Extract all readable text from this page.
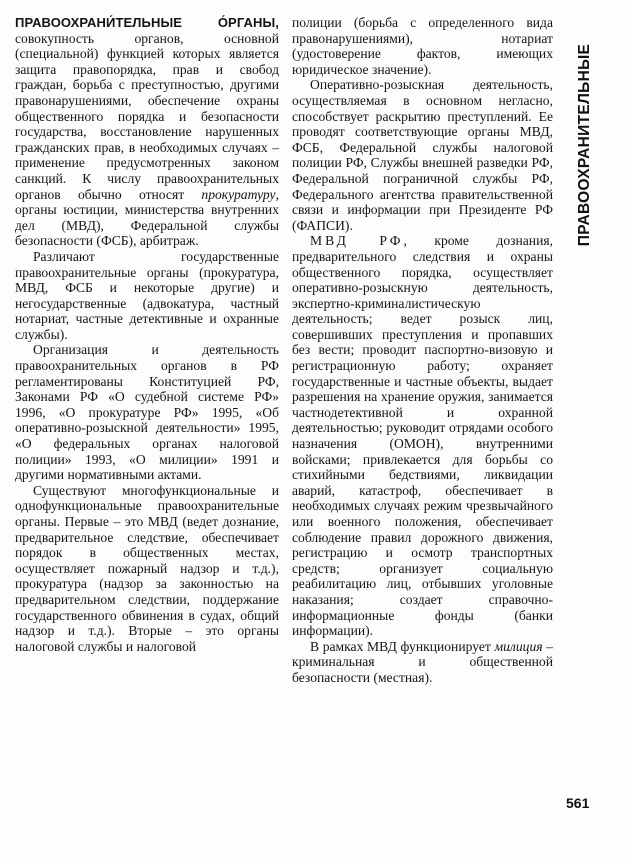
ПРАВООХРАНИ́ТЕЛЬНЫЕ О́РГАНЫ, совокупность органов, основной (специальной) функцией которых является защита правопорядка, прав и свобод граждан, борьба с преступностью, другими правонарушениями, обеспечение охраны общественного порядка и безопасности государства, восстановление нарушенных гражданских прав, в необходимых случаях – применение предусмотренных законом санкций. К числу правоохранительных органов обычно относят прокуратуру, органы юстиции, министерства внутренних дел (МВД), Федеральной службы безопасности (ФСБ), арбитраж.

Различают государственные правоохранительные органы (прокуратура, МВД, ФСБ и некоторые другие) и негосударственные (адвокатура, частный нотариат, частные детективные и охранные службы).

Организация и деятельность правоохранительных органов в РФ регламентированы Конституцией РФ, Законами РФ «О судебной системе РФ» 1996, «О прокуратуре РФ» 1995, «Об оперативно-розыскной деятельности» 1995, «О федеральных органах налоговой полиции» 1993, «О милиции» 1991 и другими нормативными актами.

Существуют многофункциональные и однофункциональные правоохранительные органы. Первые – это МВД (ведет дознание, предварительное следствие, обеспечивает порядок в общественных местах, осуществляет пожарный надзор и т.д.), прокуратура (надзор за законностью на предварительном следствии, поддержание государственного обвинения в судах, общий надзор и т.д.). Вторые – это органы налоговой службы и налоговой

полиции (борьба с определенного вида правонарушениями), нотариат (удостоверение фактов, имеющих юридическое значение).

Оперативно-розыскная деятельность, осуществляемая в основном негласно, способствует раскрытию преступлений. Ее проводят соответствующие органы МВД, ФСБ, Федеральной службы налоговой полиции РФ, Службы внешней разведки РФ, Федеральной пограничной службы РФ, Федерального агентства правительственной связи и информации при Президенте РФ (ФАПСИ).

МВД РФ, кроме дознания, предварительного следствия и охраны общественного порядка, осуществляет оперативно-розыскную деятельность, экспертно-криминалистическую деятельность; ведет розыск лиц, совершивших преступления и пропавших без вести; проводит паспортно-визовую и регистрационную работу; охраняет государственные и частные объекты, выдает разрешения на хранение оружия, занимается частнодетективной и охранной деятельностью; руководит отрядами особого назначения (ОМОН), внутренними войсками; привлекается для борьбы со стихийными бедствиями, ликвидации аварий, катастроф, обеспечивает в необходимых случаях режим чрезвычайного или военного положения, обеспечивает соблюдение правил дорожного движения, регистрацию и осмотр транспортных средств; организует социальную реабилитацию лиц, отбывших уголовные наказания; создает справочно-информационные фонды (банки информации).

В рамках МВД функционирует милиция – криминальная и общественной безопасности (местная).

ПРАВООХРАНИТЕЛЬНЫЕ
561
